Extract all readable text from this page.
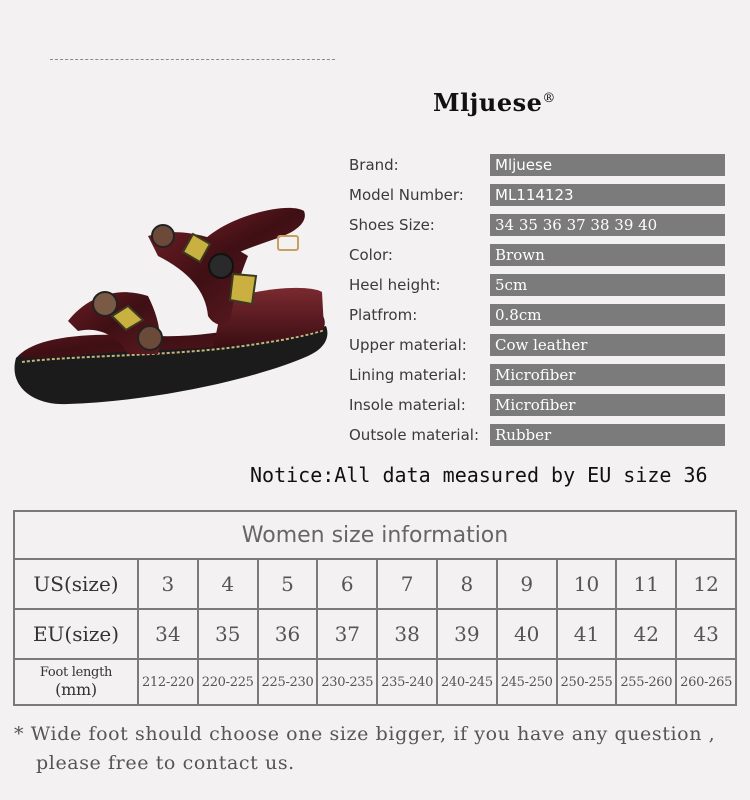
Mljuese®
Brand:	Mljuese
Model Number:	ML114123
Shoes Size:	34 35 36 37 38 39 40
Color:	Brown
Heel height:	5cm
Platfrom:	0.8cm
Upper material:	Cow leather
Lining material:	Microfiber
Insole material:	Microfiber
Outsole material:	Rubber
Notice:All data measured by EU size 36
Women size information										
US(size)	3	4	5	6	7	8	9	10	11	12
EU(size)	34	35	36	37	38	39	40	41	42	43
Foot length
(mm)	212-220	220-225	225-230	230-235	235-240	240-245	245-250	250-255	255-260	260-265
* Wide foot should choose one size bigger, if you have any question ,
please free to contact us.
